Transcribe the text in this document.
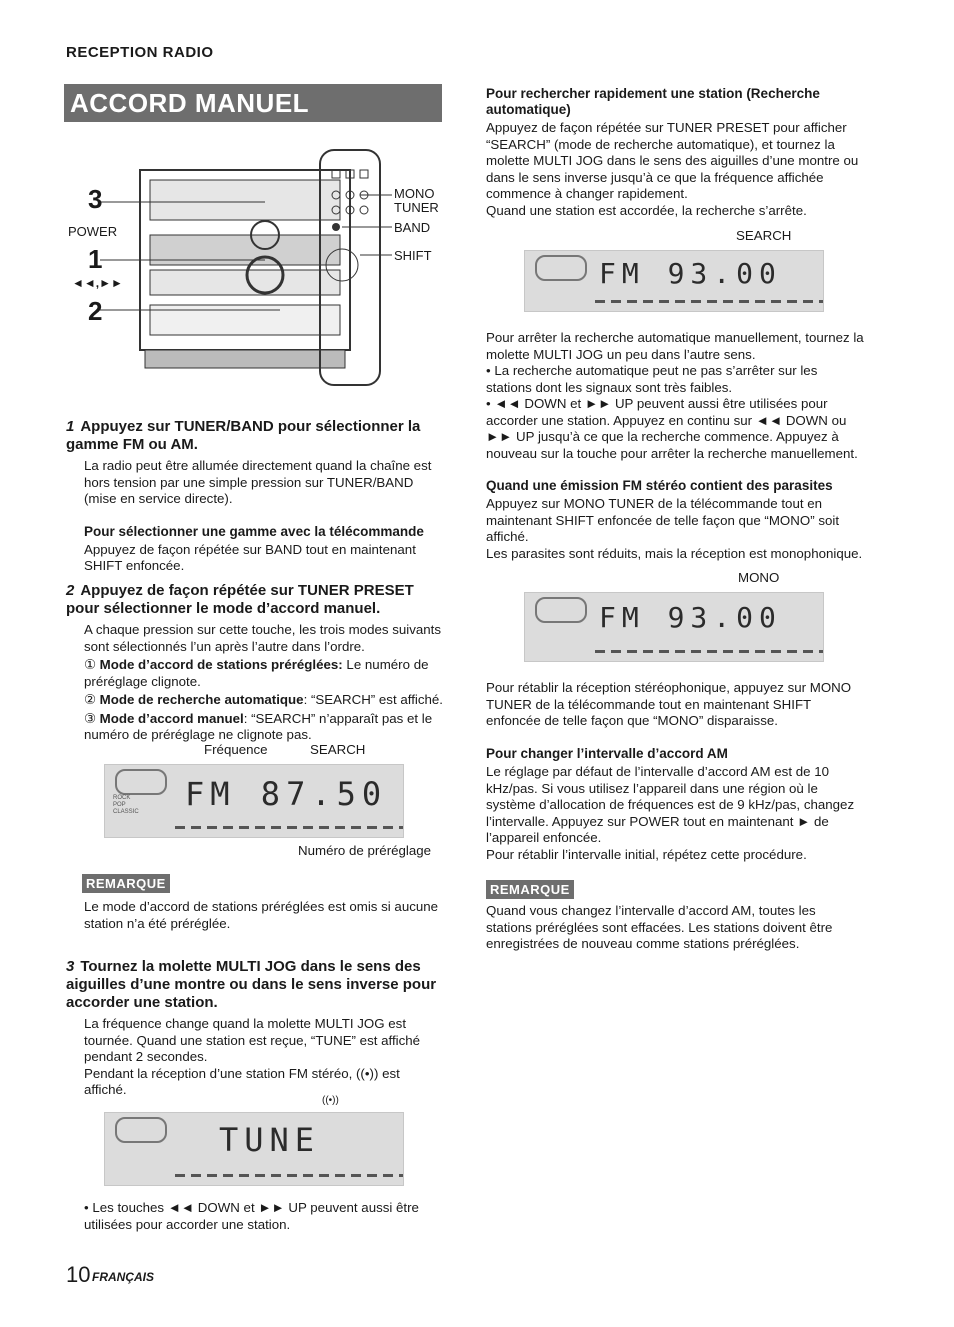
RECEPTION RADIO
ACCORD MANUEL
3
POWER
1
◄◄,►►
2
MONO TUNER
BAND
SHIFT
1 Appuyez sur TUNER/BAND pour sélectionner la gamme FM ou AM.
La radio peut être allumée directement quand la chaîne est hors tension par une simple pression sur TUNER/BAND (mise en service directe).
Pour sélectionner une gamme avec la télécommande
Appuyez de façon répétée sur BAND tout en maintenant SHIFT enfoncée.
2 Appuyez de façon répétée sur TUNER PRESET pour sélectionner le mode d’accord manuel.
A chaque pression sur cette touche, les trois modes suivants sont sélectionnés l’un après l’autre dans l’ordre.
① Mode d’accord de stations préréglées: Le numéro de préréglage clignote.
② Mode de recherche automatique: “SEARCH” est affiché.
③ Mode d’accord manuel: “SEARCH” n’apparaît pas et le numéro de préréglage ne clignote pas.
Fréquence	SEARCH
ROCK
POP
CLASSIC FM 87.50
Numéro de préréglage
REMARQUE
Le mode d’accord de stations préréglées est omis si aucune station n’a été préréglée.
3 Tournez la molette MULTI JOG dans le sens des aiguilles d’une montre ou dans le sens inverse pour accorder une station.
La fréquence change quand la molette MULTI JOG est tournée. Quand une station est reçue, “TUNE” est affiché pendant 2 secondes.
Pendant la réception d’une station FM stéréo, ((•)) est affiché.
((•))
TUNE
• Les touches ◄◄ DOWN et ►► UP peuvent aussi être utilisées pour accorder une station.
Pour rechercher rapidement une station (Recherche automatique)
Appuyez de façon répétée sur TUNER PRESET pour afficher “SEARCH” (mode de recherche automatique), et tournez la molette MULTI JOG dans le sens des aiguilles d’une montre ou dans le sens inverse jusqu’à ce que la fréquence affichée commence à changer rapidement.
Quand une station est accordée, la recherche s’arrête.
SEARCH
FM 93.00
Pour arrêter la recherche automatique manuellement, tournez la molette MULTI JOG un peu dans l’autre sens.
• La recherche automatique peut ne pas s’arrêter sur les stations dont les signaux sont très faibles.
• ◄◄ DOWN et ►► UP peuvent aussi être utilisées pour accorder une station. Appuyez en continu sur ◄◄ DOWN ou ►► UP jusqu’à ce que la recherche commence. Appuyez à nouveau sur la touche pour arrêter la recherche manuellement.
Quand une émission FM stéréo contient des parasites
Appuyez sur MONO TUNER de la télécommande tout en maintenant SHIFT enfoncée de telle façon que “MONO” soit affiché.
Les parasites sont réduits, mais la réception est monophonique.
MONO
FM 93.00
Pour rétablir la réception stéréophonique, appuyez sur MONO TUNER de la télécommande tout en maintenant SHIFT enfoncée de telle façon que “MONO” disparaisse.
Pour changer l’intervalle d’accord AM
Le réglage par défaut de l’intervalle d’accord AM est de 10 kHz/pas. Si vous utilisez l’appareil dans une région où le système d’allocation de fréquences est de 9 kHz/pas, changez l’intervalle. Appuyez sur POWER tout en maintenant ► de l’appareil enfoncée.
Pour rétablir l’intervalle initial, répétez cette procédure.
REMARQUE
Quand vous changez l’intervalle d’accord AM, toutes les stations préréglées sont effacées. Les stations doivent être enregistrées de nouveau comme stations préréglées.
10 FRANÇAIS
